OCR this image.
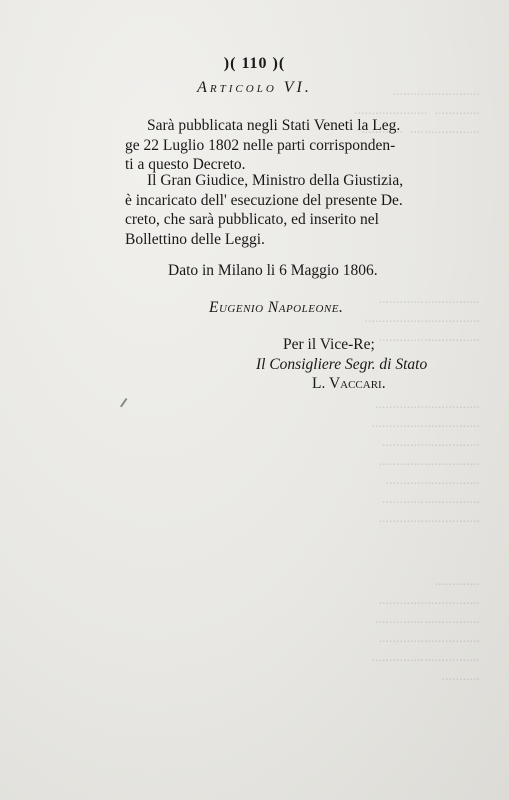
.........................
.............  .....................
....................  ............
.............................
.................................
.............................
..............................
...............................
............................
.............................
...........................
............................
.............................
.............
.............................
..............................
.............................
...............................
...........
)( 110 )(
Articolo VI.
Sarà pubblicata negli Stati Veneti la Leg.
ge 22 Luglio 1802 nelle parti corrisponden-
ti a questo Decreto.
Il Gran Giudice, Ministro della Giustizia,
è incaricato dell' esecuzione del presente De.
creto, che sarà pubblicato, ed inserito nel
Bollettino delle Leggi.
Dato in Milano li 6 Maggio 1806.
Eugenio Napoleone.
Per il Vice-Re;
Il Consigliere Segr. di Stato
L. Vaccari.
